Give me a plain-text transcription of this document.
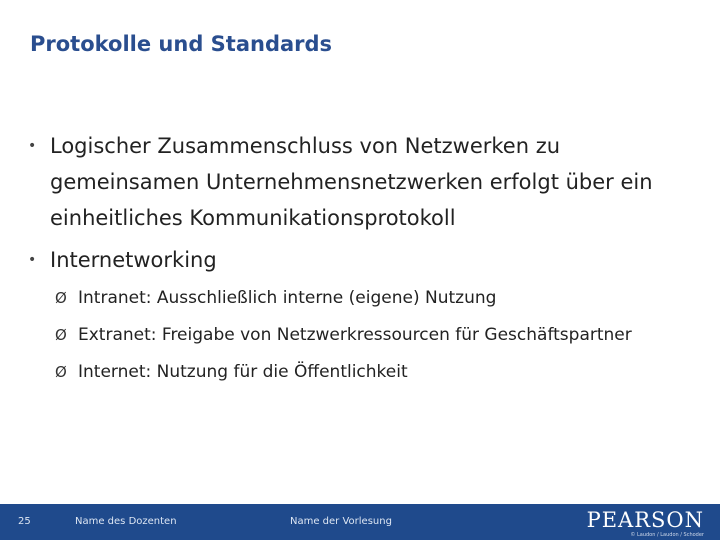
Protokolle und Standards
• Logischer Zusammenschluss von Netzwerken zu gemeinsamen Unternehmensnetzwerken erfolgt über ein einheitliches Kommunikationsprotokoll
• Internetworking
Ø Intranet: Ausschließlich interne (eigene) Nutzung
Ø Extranet: Freigabe von Netzwerkressourcen für Geschäftspartner
Ø Internet: Nutzung für die Öffentlichkeit
25	Name des Dozenten	Name der Vorlesung	PEARSON
© Laudon / Laudon / Schoder
